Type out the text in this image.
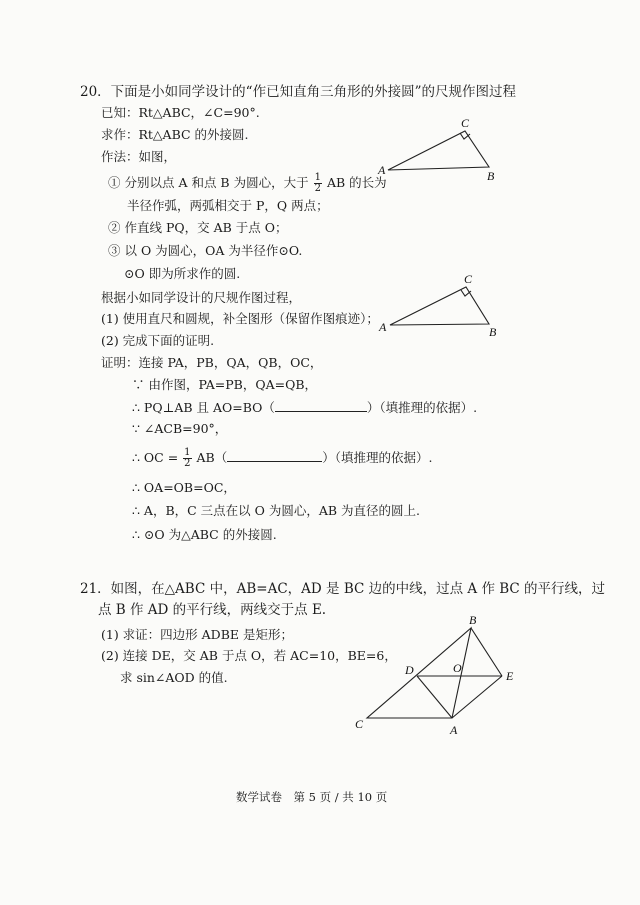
20．下面是小如同学设计的“作已知直角三角形的外接圆”的尺规作图过程
已知：Rt△ABC，∠C=90°.
求作：Rt△ABC 的外接圆.
作法：如图，
① 分别以点 A 和点 B 为圆心，大于 $\frac{1}{2}$ AB 的长为
半径作弧，两弧相交于 P，Q 两点；
② 作直线 PQ，交 AB 于点 O；
③ 以 O 为圆心，OA 为半径作⊙O.
⊙O 即为所求作的圆.
根据小如同学设计的尺规作图过程，
(1) 使用直尺和圆规，补全图形（保留作图痕迹）；
(2) 完成下面的证明.
证明：连接 PA，PB，QA，QB，OC，
∵ 由作图，PA=PB，QA=QB，
∴ PQ⊥AB 且 AO=BO（	）（填推理的依据）.
∵ ∠ACB=90°，
∴ OC = $\frac{1}{2} AB$（	）（填推理的依据）.
∴ OA=OB=OC，
∴ A，B，C 三点在以 O 为圆心，AB 为直径的圆上.
∴ ⊙O 为△ABC 的外接圆.
21．如图，在△ABC 中，AB=AC，AD 是 BC 边的中线，过点 A 作 BC 的平行线，过
点 B 作 AD 的平行线，两线交于点 E.
(1) 求证：四边形 ADBE 是矩形；
(2) 连接 DE，交 AB 于点 O，若 AC=10，BE=6，
求 sin∠AOD 的值.
数学试卷　第 5 页 / 共 10 页
A	B
C
A	B
C
C	A
B
D	E
O
